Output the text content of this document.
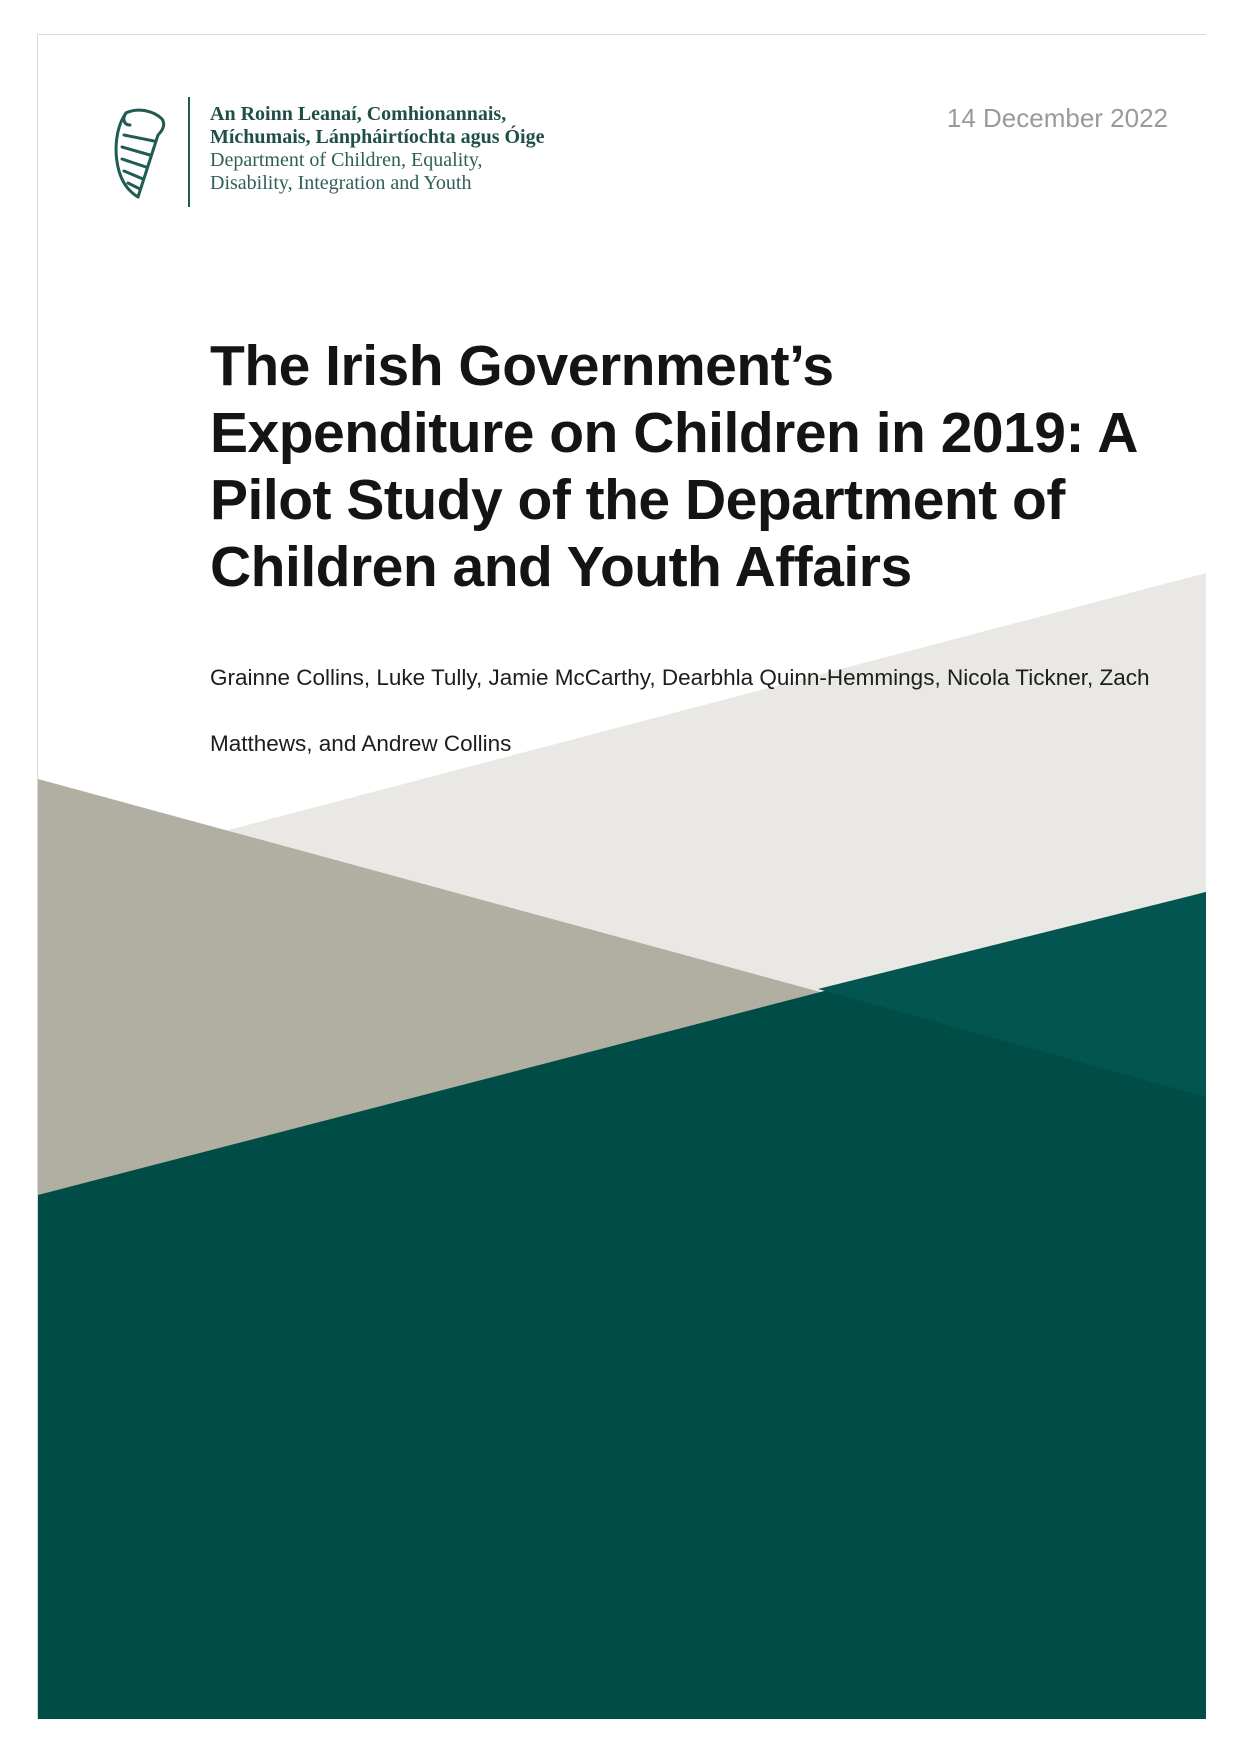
An Roinn Leanaí, Comhionannais,
Míchumais, Lánpháirtíochta agus Óige
Department of Children, Equality,
Disability, Integration and Youth
14 December 2022
The Irish Government’s Expenditure on Children in 2019: A Pilot Study of the Department of Children and Youth Affairs

Grainne Collins, Luke Tully, Jamie McCarthy, Dearbhla Quinn-Hemmings, Nicola Tickner, Zach Matthews, and Andrew Collins
